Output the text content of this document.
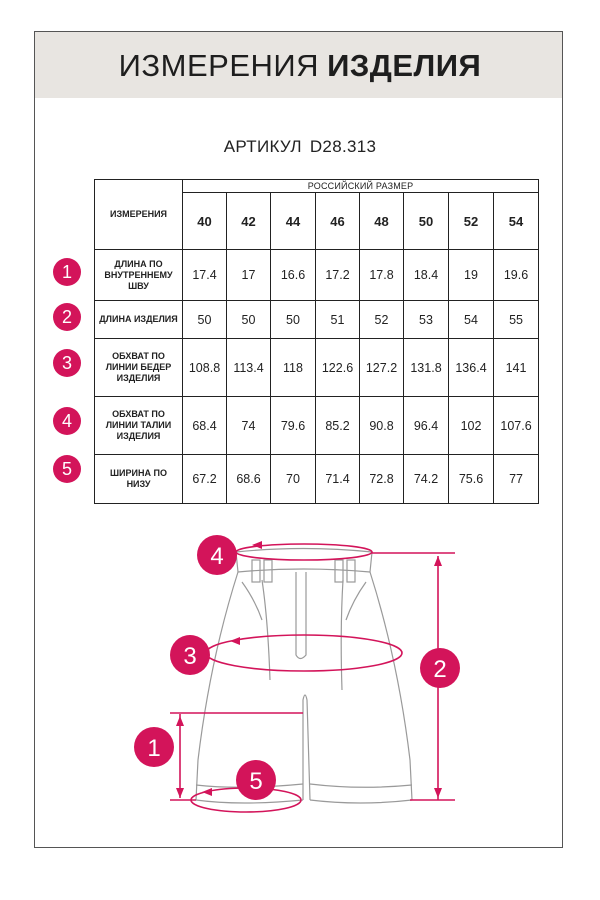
ИЗМЕРЕНИЯ ИЗДЕЛИЯ
АРТИКУЛ D28.313
ИЗМЕРЕНИЯ	РОССИЙСКИЙ РАЗМЕР							
	40	42	44	46	48	50	52	54
ДЛИНА ПО ВНУТРЕННЕМУ ШВУ	17.4	17	16.6	17.2	17.8	18.4	19	19.6
ДЛИНА ИЗДЕЛИЯ	50	50	50	51	52	53	54	55
ОБХВАТ ПО ЛИНИИ БЕДЕР ИЗДЕЛИЯ	108.8	113.4	118	122.6	127.2	131.8	136.4	141
ОБХВАТ ПО ЛИНИИ ТАЛИИ ИЗДЕЛИЯ	68.4	74	79.6	85.2	90.8	96.4	102	107.6
ШИРИНА ПО НИЗУ	67.2	68.6	70	71.4	72.8	74.2	75.6	77
1
2
3
4
5
4
3	2
1
5
